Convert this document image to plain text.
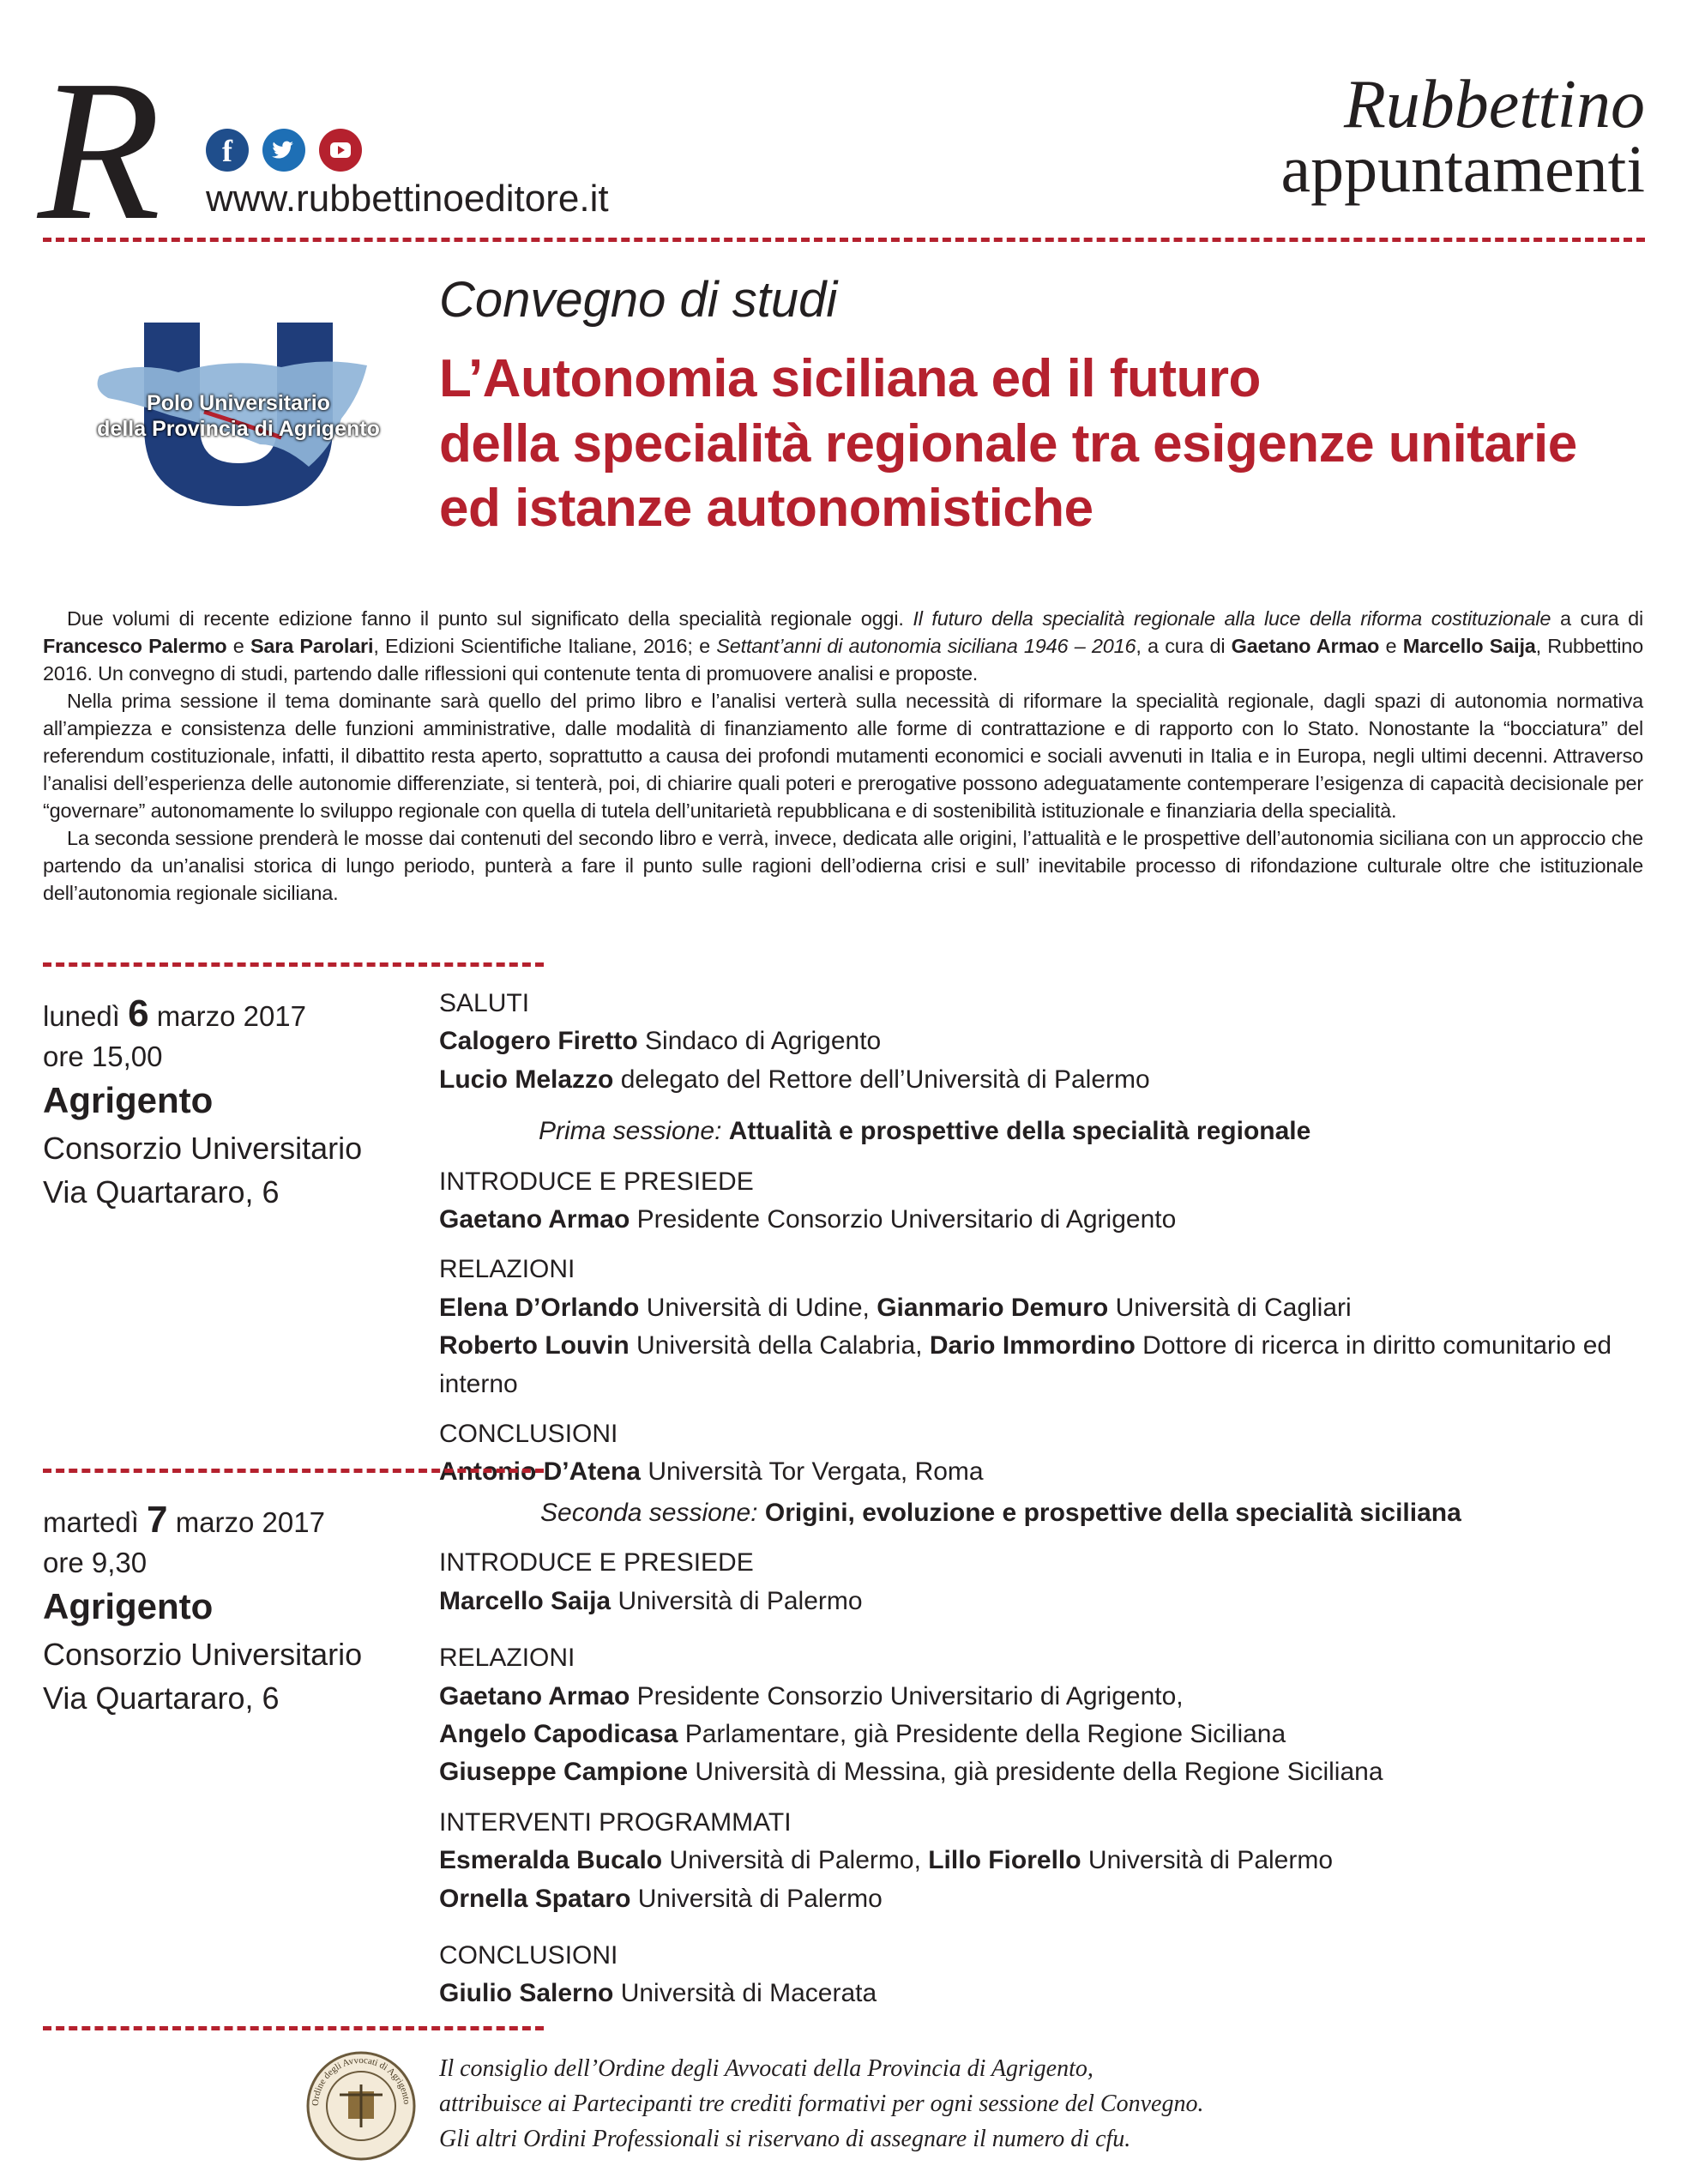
R	f
www.rubbettinoeditore.it
Rubbettino
appuntamenti
Polo Universitario
della Provincia di Agrigento
Convegno di studi
L’Autonomia siciliana ed il futuro
della specialità regionale tra esigenze unitarie
ed istanze autonomistiche

Due volumi di recente edizione fanno il punto sul significato della specialità regionale oggi. Il futuro della specialità regionale alla luce della riforma costituzionale a cura di Francesco Palermo e Sara Parolari, Edizioni Scientifiche Italiane, 2016; e Settant’anni di autonomia siciliana 1946 – 2016, a cura di Gaetano Armao e Marcello Saija, Rubbettino 2016. Un convegno di studi, partendo dalle riflessioni qui contenute tenta di promuovere analisi e proposte.

Nella prima sessione il tema dominante sarà quello del primo libro e l’analisi verterà sulla necessità di riformare la specialità regionale, dagli spazi di autonomia normativa all’ampiezza e consistenza delle funzioni amministrative, dalle modalità di finanziamento alle forme di contrattazione e di rapporto con lo Stato. Nonostante la “bocciatura” del referendum costituzionale, infatti, il dibattito resta aperto, soprattutto a causa dei profondi mutamenti economici e sociali avvenuti in Italia e in Europa, negli ultimi decenni. Attraverso l’analisi dell’esperienza delle autonomie differenziate, si tenterà, poi, di chiarire quali poteri e prerogative possono adeguatamente contemperare l’esigenza di capacità decisionale per “governare” autonomamente lo sviluppo regionale con quella di tutela dell’unitarietà repubblicana e di sostenibilità istituzionale e finanziaria della specialità.

La seconda sessione prenderà le mosse dai contenuti del secondo libro e verrà, invece, dedicata alle origini, l’attualità e le prospettive dell’autonomia siciliana con un approccio che partendo da un’analisi storica di lungo periodo, punterà a fare il punto sulle ragioni dell’odierna crisi e sull’ inevitabile processo di rifondazione culturale oltre che istituzionale dell’autonomia regionale siciliana.

lunedì 6 marzo 2017
ore 15,00
Agrigento
Consorzio Universitario
Via Quartararo, 6
SALUTI
Calogero Firetto Sindaco di Agrigento
Lucio Melazzo delegato del Rettore dell’Università di Palermo
Prima sessione: Attualità e prospettive della specialità regionale
INTRODUCE E PRESIEDE
Gaetano Armao Presidente Consorzio Universitario di Agrigento
RELAZIONI
Elena D’Orlando Università di Udine, Gianmario Demuro Università di Cagliari
Roberto Louvin Università della Calabria, Dario Immordino Dottore di ricerca in diritto comunitario ed interno
CONCLUSIONI
Antonio D’Atena Università Tor Vergata, Roma
martedì 7 marzo 2017
ore 9,30
Agrigento
Consorzio Universitario
Via Quartararo, 6
Seconda sessione: Origini, evoluzione e prospettive della specialità siciliana
INTRODUCE E PRESIEDE
Marcello Saija Università di Palermo
RELAZIONI
Gaetano Armao Presidente Consorzio Universitario di Agrigento,
Angelo Capodicasa Parlamentare, già Presidente della Regione Siciliana
Giuseppe Campione Università di Messina, già presidente della Regione Siciliana
INTERVENTI PROGRAMMATI
Esmeralda Bucalo Università di Palermo, Lillo Fiorello Università di Palermo
Ornella Spataro Università di Palermo
CONCLUSIONI
Giulio Salerno Università di Macerata
Ordine degli Avvocati di Agrigento
Il consiglio dell’Ordine degli Avvocati della Provincia di Agrigento,
attribuisce ai Partecipanti tre crediti formativi per ogni sessione del Convegno.
Gli altri Ordini Professionali si riservano di assegnare il numero di cfu.
